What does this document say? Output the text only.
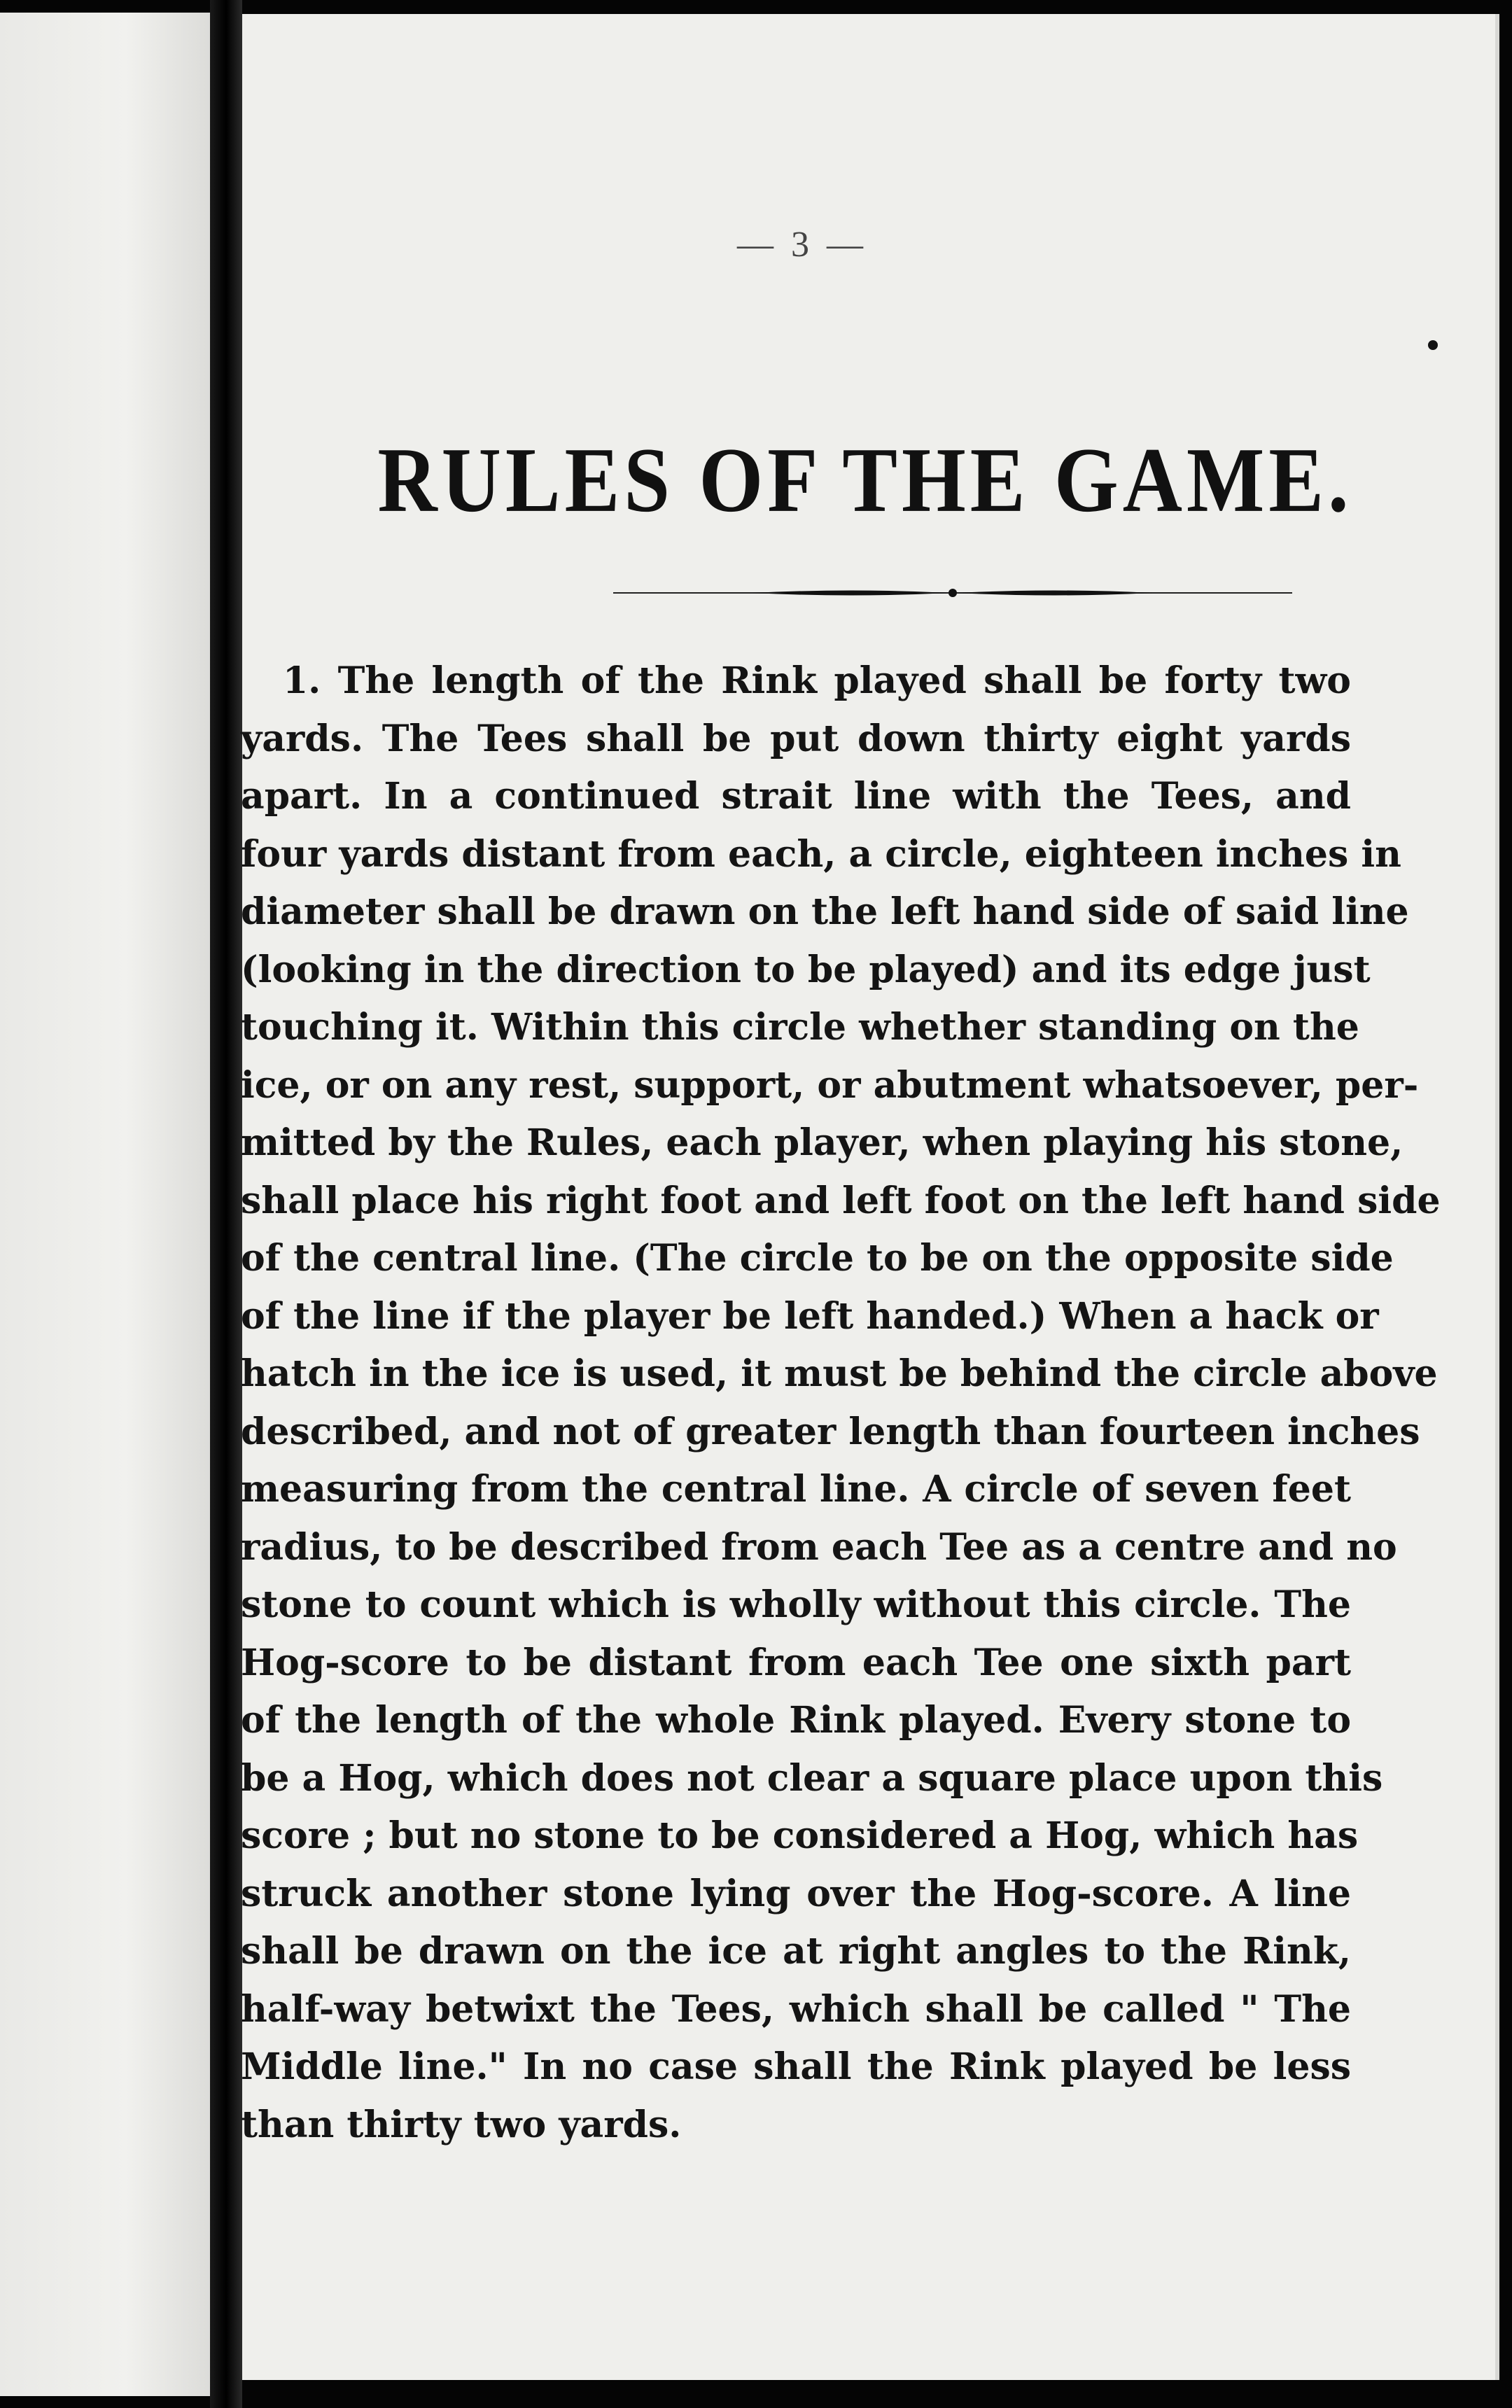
— 3 —
RULES OF THE GAME.
1. The length of the Rink played shall be forty two
yards. The Tees shall be put down thirty eight yards
apart. In a continued strait line with the Tees, and
four yards distant from each, a circle, eighteen inches in
diameter shall be drawn on the left hand side of said line
(looking in the direction to be played) and its edge just
touching it. Within this circle whether standing on the
ice, or on any rest, support, or abutment whatsoever, per-
mitted by the Rules, each player, when playing his stone,
shall place his right foot and left foot on the left hand side
of the central line. (The circle to be on the opposite side
of the line if the player be left handed.) When a hack or
hatch in the ice is used, it must be behind the circle above
described, and not of greater length than fourteen inches
measuring from the central line. A circle of seven feet
radius, to be described from each Tee as a centre and no
stone to count which is wholly without this circle. The
Hog-score to be distant from each Tee one sixth part
of the length of the whole Rink played. Every stone to
be a Hog, which does not clear a square place upon this
score ; but no stone to be considered a Hog, which has
struck another stone lying over the Hog-score. A line
shall be drawn on the ice at right angles to the Rink,
half-way betwixt the Tees, which shall be called " The
Middle line." In no case shall the Rink played be less
than thirty two yards.
